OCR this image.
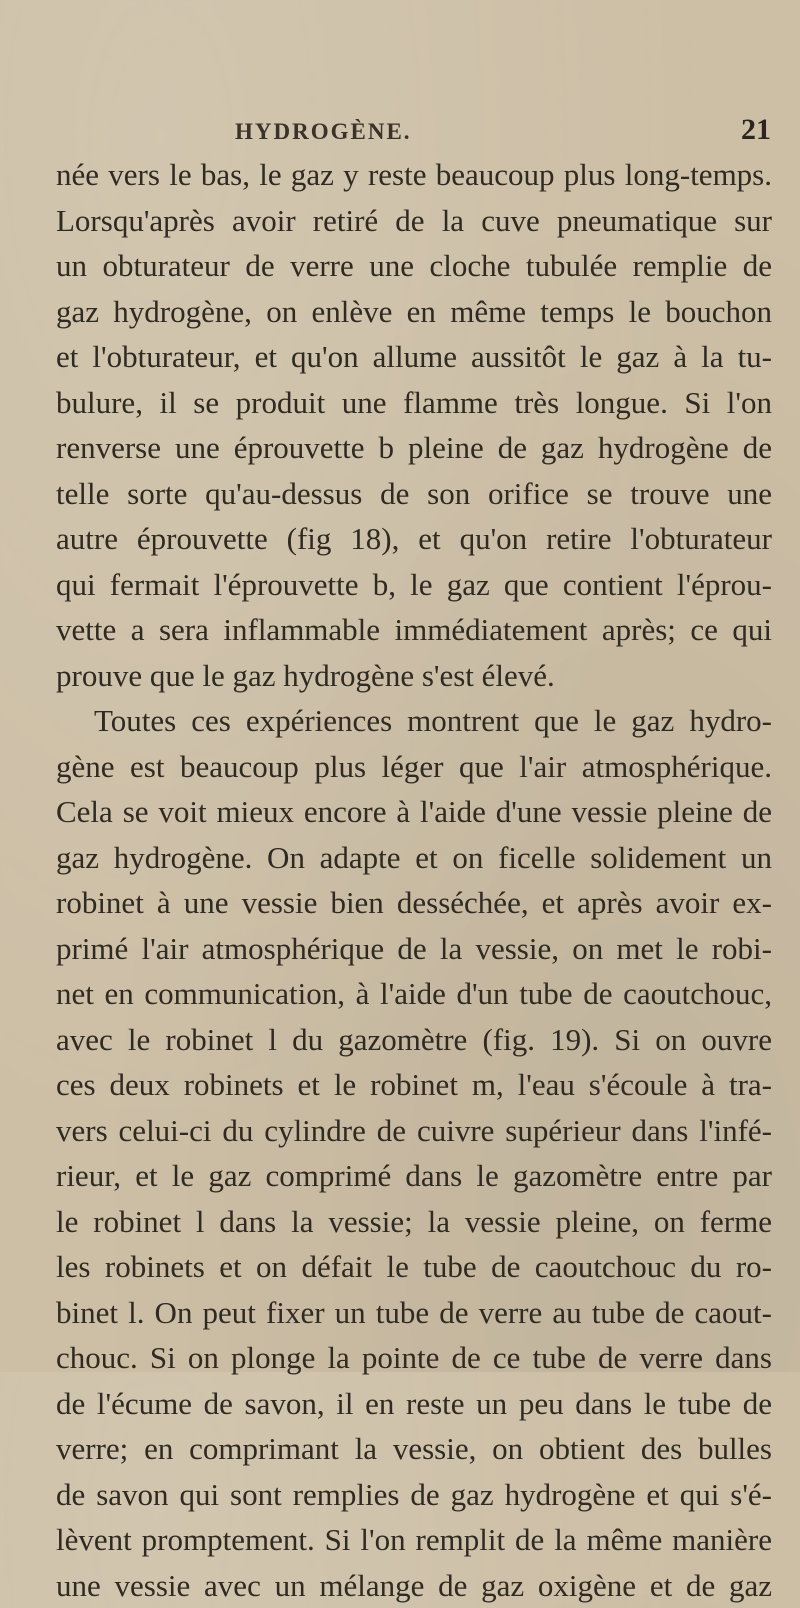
HYDROGÈNE.	21
née vers le bas, le gaz y reste beaucoup plus long-temps.
Lorsqu'après avoir retiré de la cuve pneumatique sur
un obturateur de verre une cloche tubulée remplie de
gaz hydrogène, on enlève en même temps le bouchon
et l'obturateur, et qu'on allume aussitôt le gaz à la tu-
bulure, il se produit une flamme très longue. Si l'on
renverse une éprouvette b pleine de gaz hydrogène de
telle sorte qu'au-dessus de son orifice se trouve une
autre éprouvette (fig 18), et qu'on retire l'obturateur
qui fermait l'éprouvette b, le gaz que contient l'éprou-
vette a sera inflammable immédiatement après; ce qui
prouve que le gaz hydrogène s'est élevé.
Toutes ces expériences montrent que le gaz hydro-
gène est beaucoup plus léger que l'air atmosphérique.
Cela se voit mieux encore à l'aide d'une vessie pleine de
gaz hydrogène. On adapte et on ficelle solidement un
robinet à une vessie bien desséchée, et après avoir ex-
primé l'air atmosphérique de la vessie, on met le robi-
net en communication, à l'aide d'un tube de caoutchouc,
avec le robinet l du gazomètre (fig. 19). Si on ouvre
ces deux robinets et le robinet m, l'eau s'écoule à tra-
vers celui-ci du cylindre de cuivre supérieur dans l'infé-
rieur, et le gaz comprimé dans le gazomètre entre par
le robinet l dans la vessie; la vessie pleine, on ferme
les robinets et on défait le tube de caoutchouc du ro-
binet l. On peut fixer un tube de verre au tube de caout-
chouc. Si on plonge la pointe de ce tube de verre dans
de l'écume de savon, il en reste un peu dans le tube de
verre; en comprimant la vessie, on obtient des bulles
de savon qui sont remplies de gaz hydrogène et qui s'é-
lèvent promptement. Si l'on remplit de la même manière
une vessie avec un mélange de gaz oxigène et de gaz
